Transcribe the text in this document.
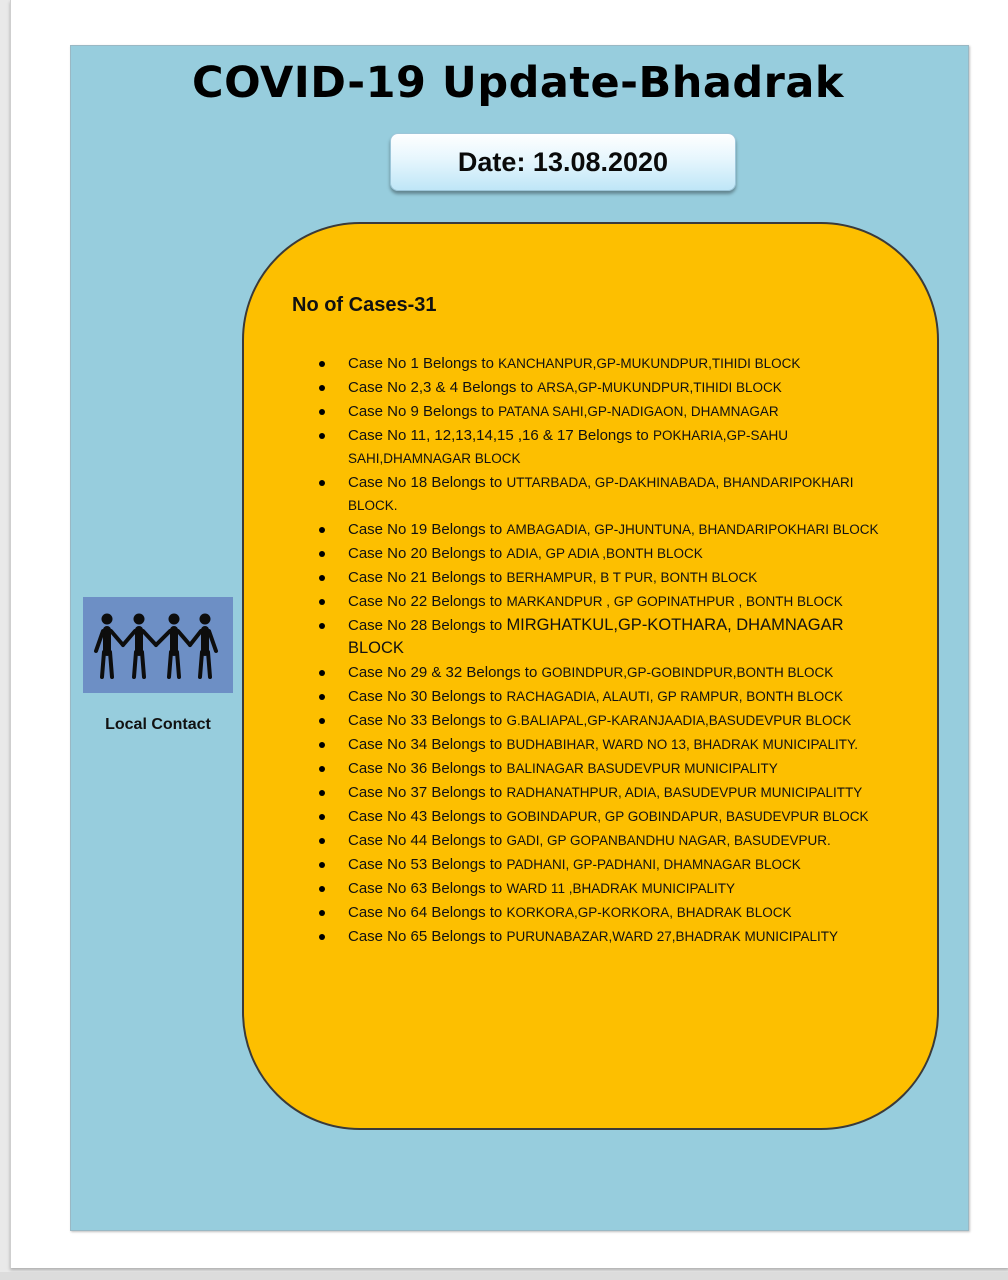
COVID-19 Update-Bhadrak
Date: 13.08.2020

Local Contact

No of Cases-31
Case No 1 Belongs to KANCHANPUR,GP-MUKUNDPUR,TIHIDI BLOCK
Case No 2,3 & 4 Belongs to ARSA,GP-MUKUNDPUR,TIHIDI BLOCK
Case No 9 Belongs to PATANA SAHI,GP-NADIGAON, DHAMNAGAR
Case No 11, 12,13,14,15 ,16 & 17 Belongs to POKHARIA,GP-SAHU SAHI,DHAMNAGAR BLOCK
Case No 18 Belongs to UTTARBADA, GP-DAKHINABADA, BHANDARIPOKHARI BLOCK.
Case No 19 Belongs to AMBAGADIA, GP-JHUNTUNA, BHANDARIPOKHARI BLOCK
Case No 20 Belongs to ADIA, GP ADIA ,BONTH BLOCK
Case No 21 Belongs to BERHAMPUR, B T PUR, BONTH BLOCK
Case No 22 Belongs to MARKANDPUR , GP GOPINATHPUR , BONTH BLOCK
Case No 28 Belongs to MIRGHATKUL,GP-KOTHARA, DHAMNAGAR BLOCK
Case No 29 & 32 Belongs to GOBINDPUR,GP-GOBINDPUR,BONTH BLOCK
Case No 30 Belongs to RACHAGADIA, ALAUTI, GP RAMPUR, BONTH BLOCK
Case No 33 Belongs to G.BALIAPAL,GP-KARANJAADIA,BASUDEVPUR BLOCK
Case No 34 Belongs to BUDHABIHAR, WARD NO 13, BHADRAK MUNICIPALITY.
Case No 36 Belongs to BALINAGAR BASUDEVPUR MUNICIPALITY
Case No 37 Belongs to RADHANATHPUR, ADIA, BASUDEVPUR MUNICIPALITTY
Case No 43 Belongs to GOBINDAPUR, GP GOBINDAPUR, BASUDEVPUR BLOCK
Case No 44 Belongs to GADI, GP GOPANBANDHU NAGAR, BASUDEVPUR.
Case No 53 Belongs to PADHANI, GP-PADHANI, DHAMNAGAR BLOCK
Case No 63 Belongs to WARD 11 ,BHADRAK MUNICIPALITY
Case No 64 Belongs to KORKORA,GP-KORKORA, BHADRAK BLOCK
Case No 65 Belongs to PURUNABAZAR,WARD 27,BHADRAK MUNICIPALITY
